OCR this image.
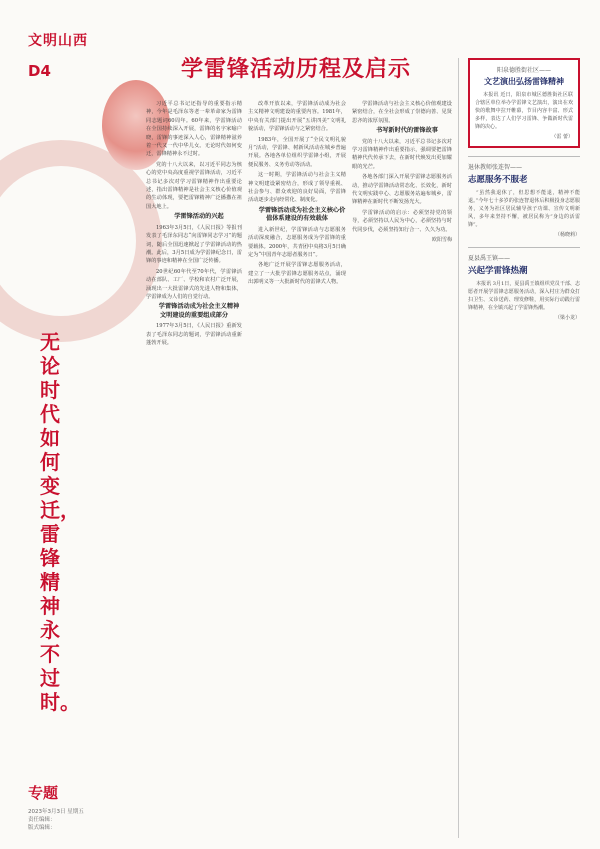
文明山西
D4
无论时代如何变迁，雷锋精神永不过时。
专题
2023年3月3日 星期五
责任编辑：
版式编辑：
学雷锋活动历程及启示

习近平总书记还指导的重要指示精神，今年是毛泽东等老一辈革命家为雷锋同志题词60周年。60年来，学雷锋活动在全国持续深入开展，雷锋的名字家喻户晓，雷锋的事迹深入人心，雷锋精神滋养着一代又一代中华儿女。无论时代如何变迁，雷锋精神永不过时。

党的十八大以来，以习近平同志为核心的党中央高度重视学雷锋活动，习近平总书记多次对学习雷锋精神作出重要论述，指出雷锋精神是社会主义核心价值观的生动体现，要把雷锋精神广泛播撒在祖国大地上。

学雷锋活动的兴起

1963年3月5日，《人民日报》等报刊发表了毛泽东同志“向雷锋同志学习”的题词，随后全国迅速掀起了学雷锋活动的热潮。此后，3月5日成为学雷锋纪念日，雷锋的事迹和精神在全国广泛传播。

20世纪60年代至70年代，学雷锋活动在部队、工厂、学校和农村广泛开展，涌现出一大批雷锋式的先进人物和集体，学雷锋成为人们的自觉行动。

学雷锋活动成为社会主义精神文明建设的重要组成部分

1977年3月5日，《人民日报》重新发表了毛泽东同志的题词，学雷锋活动重新蓬勃开展。

改革开放以来，学雷锋活动成为社会主义精神文明建设的重要内容。1981年，中央有关部门提出开展“五讲四美”文明礼貌活动，学雷锋活动与之紧密结合。

1983年，全国开展了“全民文明礼貌月”活动，学雷锋、树新风活动在城乡普遍开展。各地各单位组织学雷锋小组，开展便民服务、义务劳动等活动。

这一时期，学雷锋活动与社会主义精神文明建设紧密结合，形成了领导重视、社会参与、群众欢迎的良好局面，学雷锋活动逐步走向经常化、制度化。

学雷锋活动成为社会主义核心价值体系建设的有效载体

进入新世纪，学雷锋活动与志愿服务活动深度融合，志愿服务成为学雷锋的重要载体。2000年，共青团中央将3月5日确定为“中国青年志愿者服务日”。

各地广泛开展学雷锋志愿服务活动，建立了一大批学雷锋志愿服务站点，涌现出郭明义等一大批新时代的雷锋式人物。

学雷锋活动与社会主义核心价值观建设紧密结合，在全社会形成了崇德向善、见贤思齐的浓厚氛围。

书写新时代的雷锋故事

党的十八大以来，习近平总书记多次对学习雷锋精神作出重要指示，强调要把雷锋精神代代传承下去，在新时代焕发出更加耀眼的光芒。

各地各部门深入开展学雷锋志愿服务活动，推动学雷锋活动常态化、长效化，新时代文明实践中心、志愿服务站遍布城乡，雷锋精神在新时代不断发扬光大。

学雷锋活动的启示：必须坚持党的领导，必须坚持以人民为中心，必须坚持与时代同步伐，必须坚持知行合一、久久为功。

欧阳雪梅

阳泉德胜街社区——
文艺演出弘扬雷锋精神

本报讯 近日，阳泉市城区德胜街社区联合辖区单位举办学雷锋文艺演出，演出在欢快的歌舞中拉开帷幕，节目内容丰富、形式多样，表达了人们学习雷锋、争做新时代雷锋的决心。

（雷 蕾）
退休教师张连智——
志愿服务不服老

“虽然我退休了，但思想不能退，精神不能退。”今年七十多岁的张连智退休后积极投身志愿服务，义务为社区居民辅导孩子功课、宣传文明新风，多年来坚持不懈，被居民称为“身边的活雷锋”。

（杨晓莉）
夏县禹王镇——
兴起学雷锋热潮

本报讯 3月1日，夏县禹王镇组织党员干部、志愿者开展学雷锋志愿服务活动，深入村庄为群众打扫卫生、义诊送药、理发修鞋，用实际行动践行雷锋精神，在全镇兴起了学雷锋热潮。

（梁小龙）
